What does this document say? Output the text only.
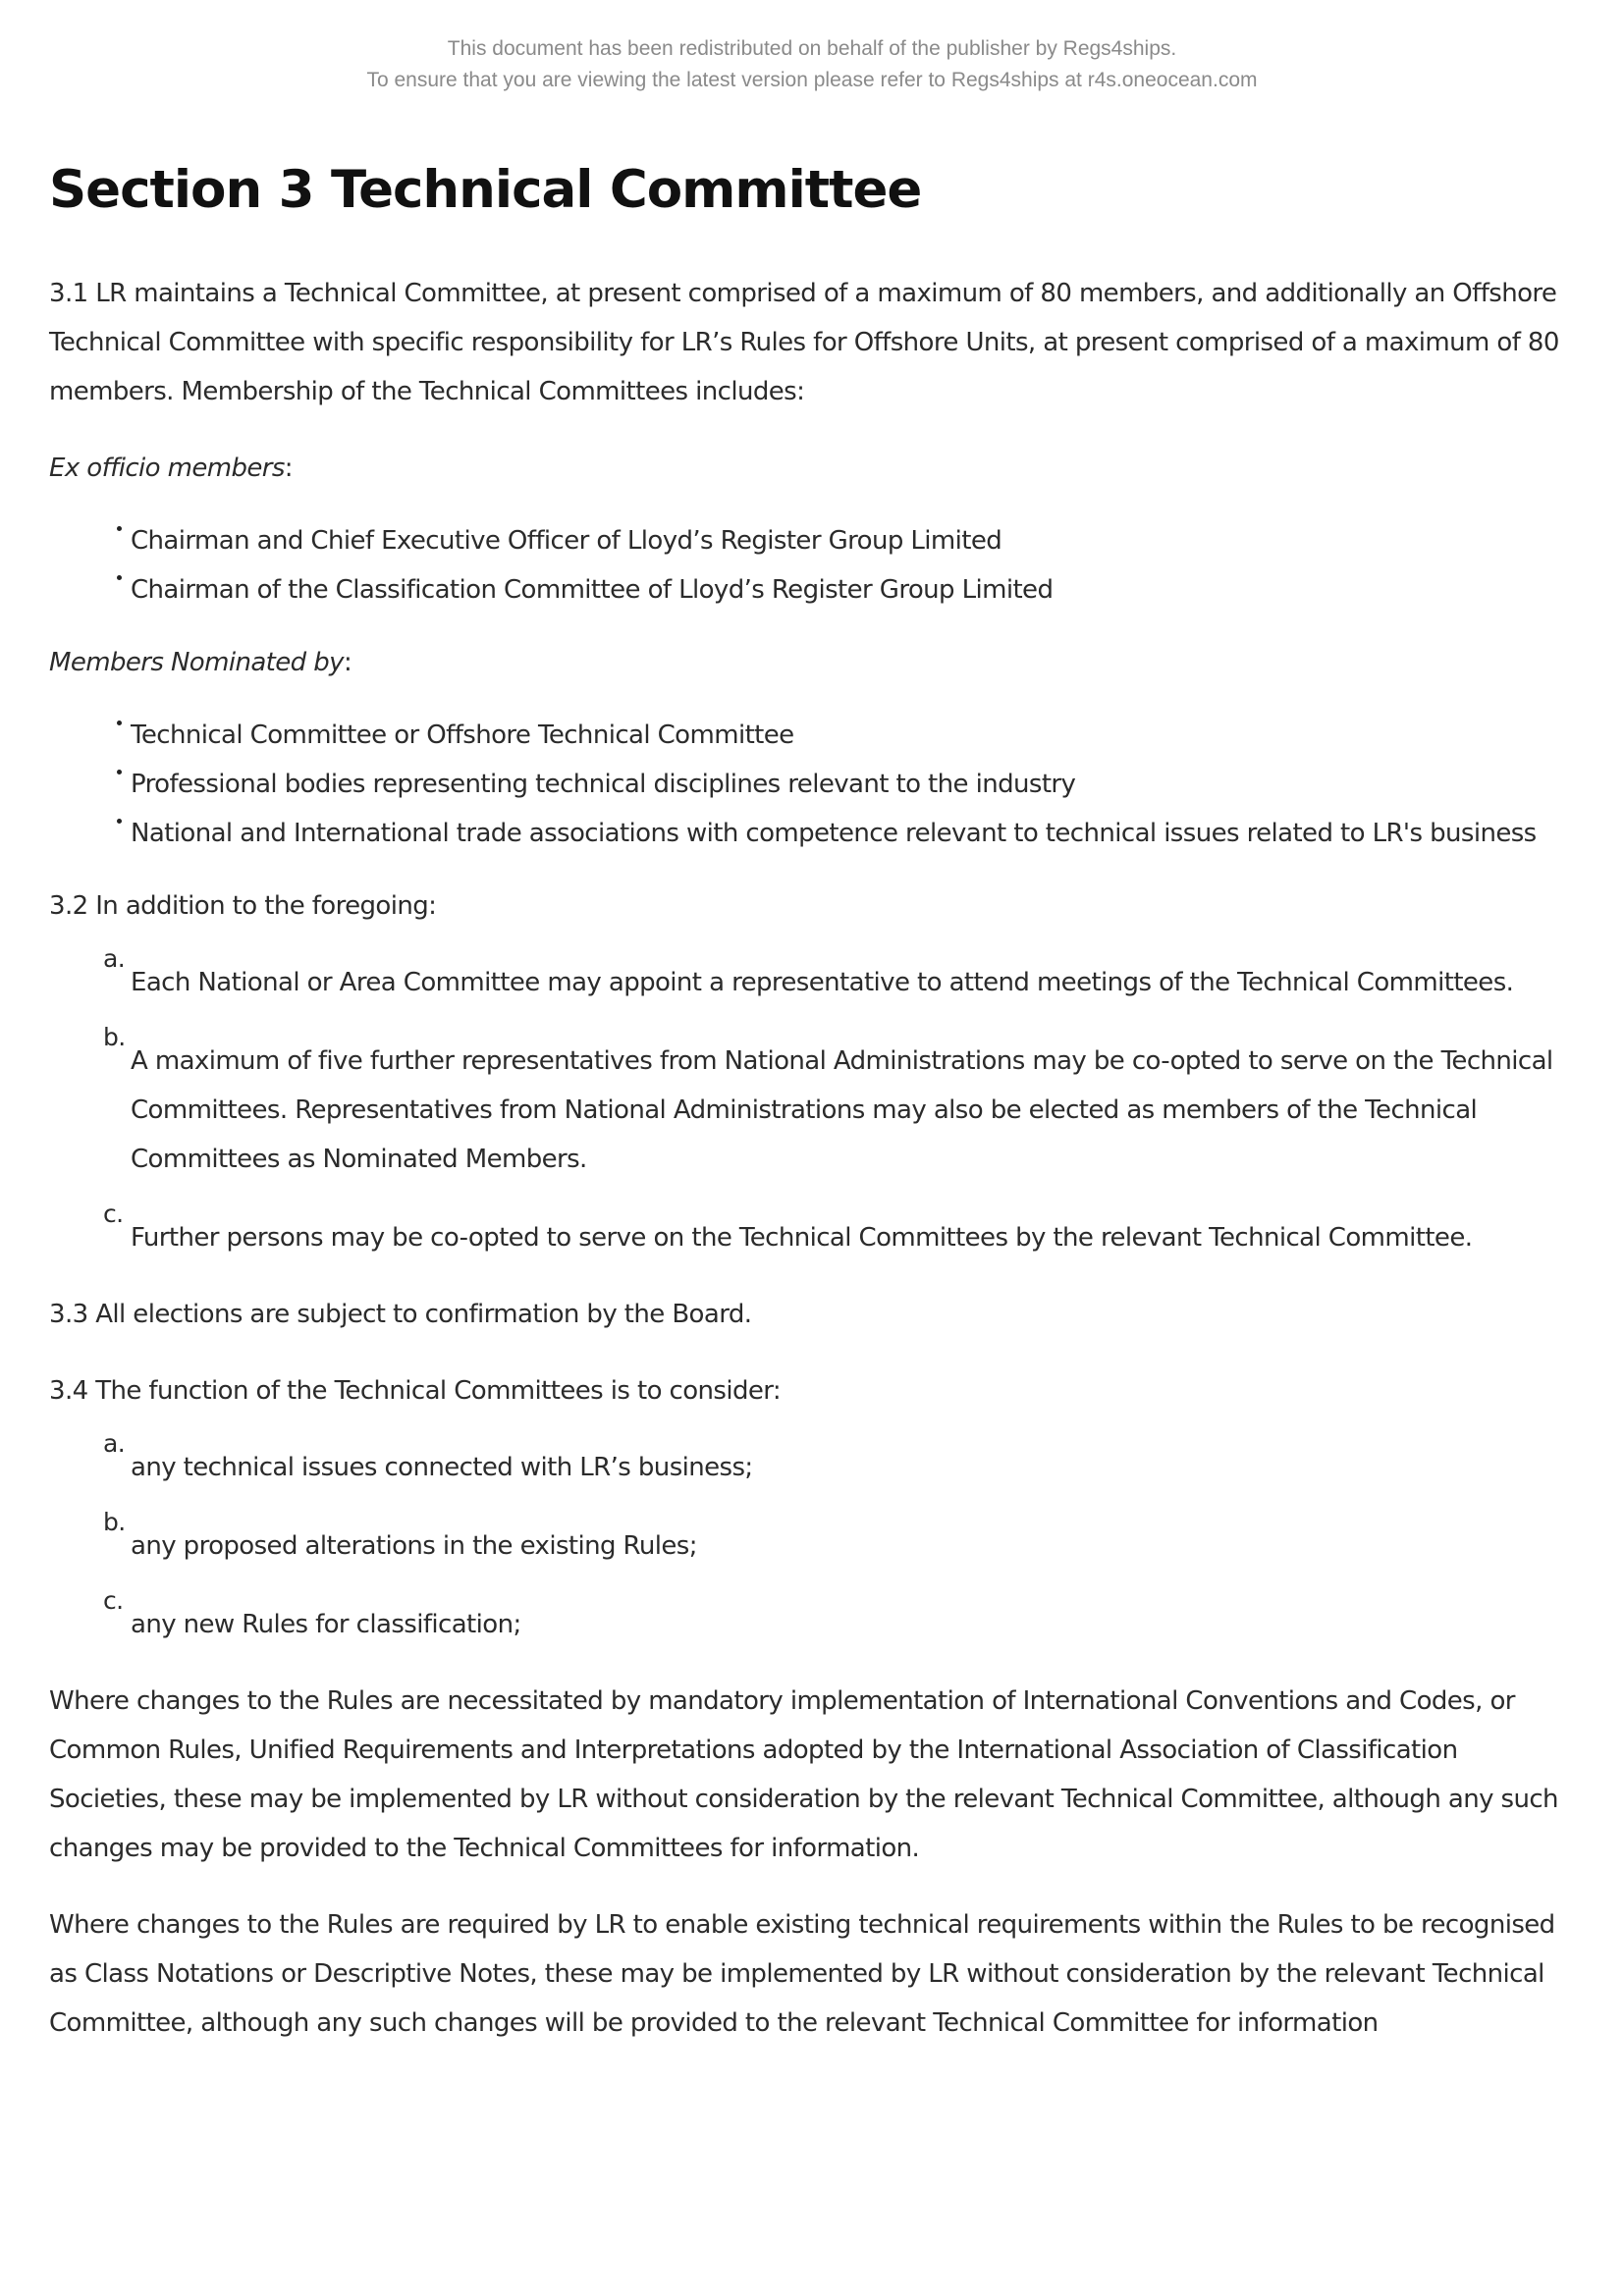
This document has been redistributed on behalf of the publisher by Regs4ships.
To ensure that you are viewing the latest version please refer to Regs4ships at r4s.oneocean.com
Section 3 Technical Committee

3.1 LR maintains a Technical Committee, at present comprised of a maximum of 80 members, and additionally an Offshore Technical Committee with specific responsibility for LR’s Rules for Offshore Units, at present comprised of a maximum of 80 members. Membership of the Technical Committees includes:

Ex officio members:

Chairman and Chief Executive Officer of Lloyd’s Register Group Limited
Chairman of the Classification Committee of Lloyd’s Register Group Limited

Members Nominated by:

Technical Committee or Offshore Technical Committee
Professional bodies representing technical disciplines relevant to the industry
National and International trade associations with competence relevant to technical issues related to LR's business

3.2 In addition to the foregoing:

a.
Each National or Area Committee may appoint a representative to attend meetings of the Technical Committees.
b.
A maximum of five further representatives from National Administrations may be co-opted to serve on the Technical Committees. Representatives from National Administrations may also be elected as members of the Technical Committees as Nominated Members.
c.
Further persons may be co-opted to serve on the Technical Committees by the relevant Technical Committee.

3.3 All elections are subject to confirmation by the Board.

3.4 The function of the Technical Committees is to consider:

a.
any technical issues connected with LR’s business;
b.
any proposed alterations in the existing Rules;
c.
any new Rules for classification;

Where changes to the Rules are necessitated by mandatory implementation of International Conventions and Codes, or Common Rules, Unified Requirements and Interpretations adopted by the International Association of Classification Societies, these may be implemented by LR without consideration by the relevant Technical Committee, although any such changes may be provided to the Technical Committees for information.

Where changes to the Rules are required by LR to enable existing technical requirements within the Rules to be recognised as Class Notations or Descriptive Notes, these may be implemented by LR without consideration by the relevant Technical Committee, although any such changes will be provided to the relevant Technical Committee for information
